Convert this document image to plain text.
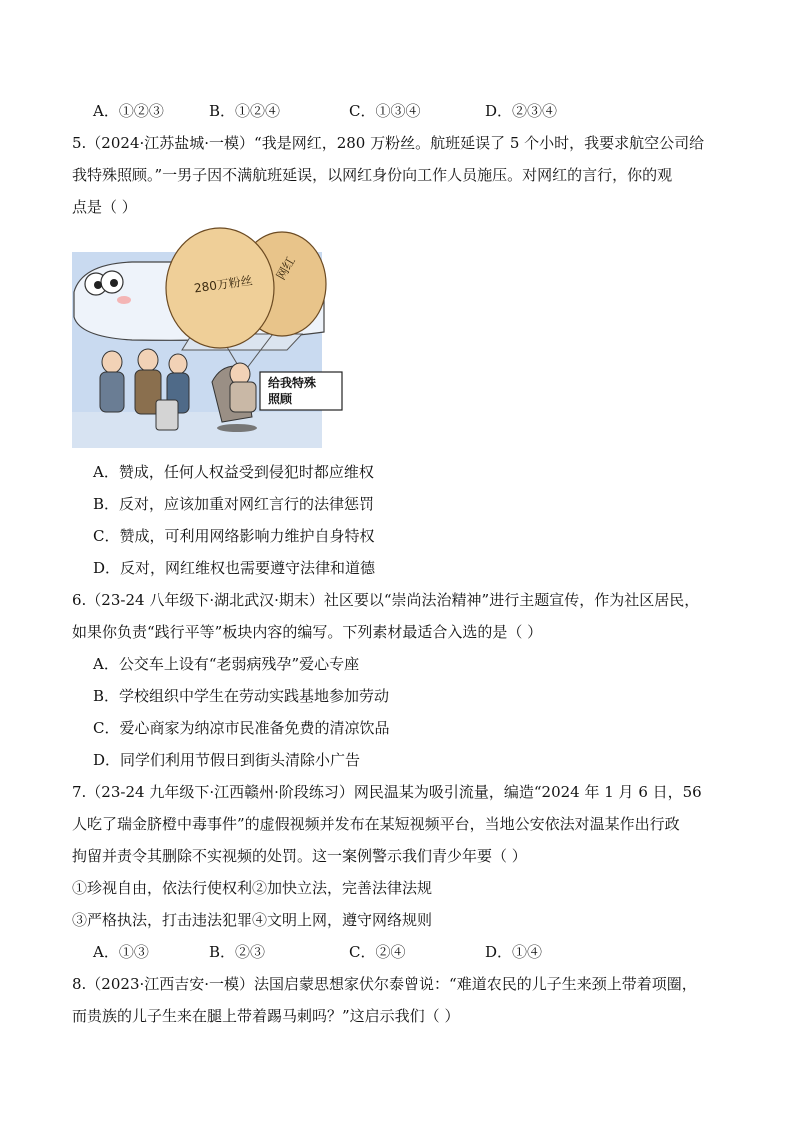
A．①②③	B．①②④	C．①③④	D．②③④
5.（2024·江苏盐城·一模）“我是网红，280 万粉丝。航班延误了 5 个小时，我要求航空公司给
我特殊照顾。”一男子因不满航班延误，以网红身份向工作人员施压。对网红的言行，你的观
点是（ ）
280万粉丝
网红
给我特殊
照顾
A．赞成，任何人权益受到侵犯时都应维权
B．反对，应该加重对网红言行的法律惩罚
C．赞成，可利用网络影响力维护自身特权
D．反对，网红维权也需要遵守法律和道德
6.（23-24 八年级下·湖北武汉·期末）社区要以“崇尚法治精神”进行主题宣传，作为社区居民，
如果你负责“践行平等”板块内容的编写。下列素材最适合入选的是（ ）
A．公交车上设有“老弱病残孕”爱心专座
B．学校组织中学生在劳动实践基地参加劳动
C．爱心商家为纳凉市民准备免费的清凉饮品
D．同学们利用节假日到街头清除小广告
7.（23-24 九年级下·江西赣州·阶段练习）网民温某为吸引流量，编造“2024 年 1 月 6 日，56
人吃了瑞金脐橙中毒事件”的虚假视频并发布在某短视频平台，当地公安依法对温某作出行政
拘留并责令其删除不实视频的处罚。这一案例警示我们青少年要（ ）
①珍视自由，依法行使权利②加快立法，完善法律法规
③严格执法，打击违法犯罪④文明上网，遵守网络规则
A．①③	B．②③	C．②④	D．①④
8.（2023·江西吉安·一模）法国启蒙思想家伏尔泰曾说：“难道农民的儿子生来颈上带着项圈，
而贵族的儿子生来在腿上带着踢马刺吗？”这启示我们（ ）
